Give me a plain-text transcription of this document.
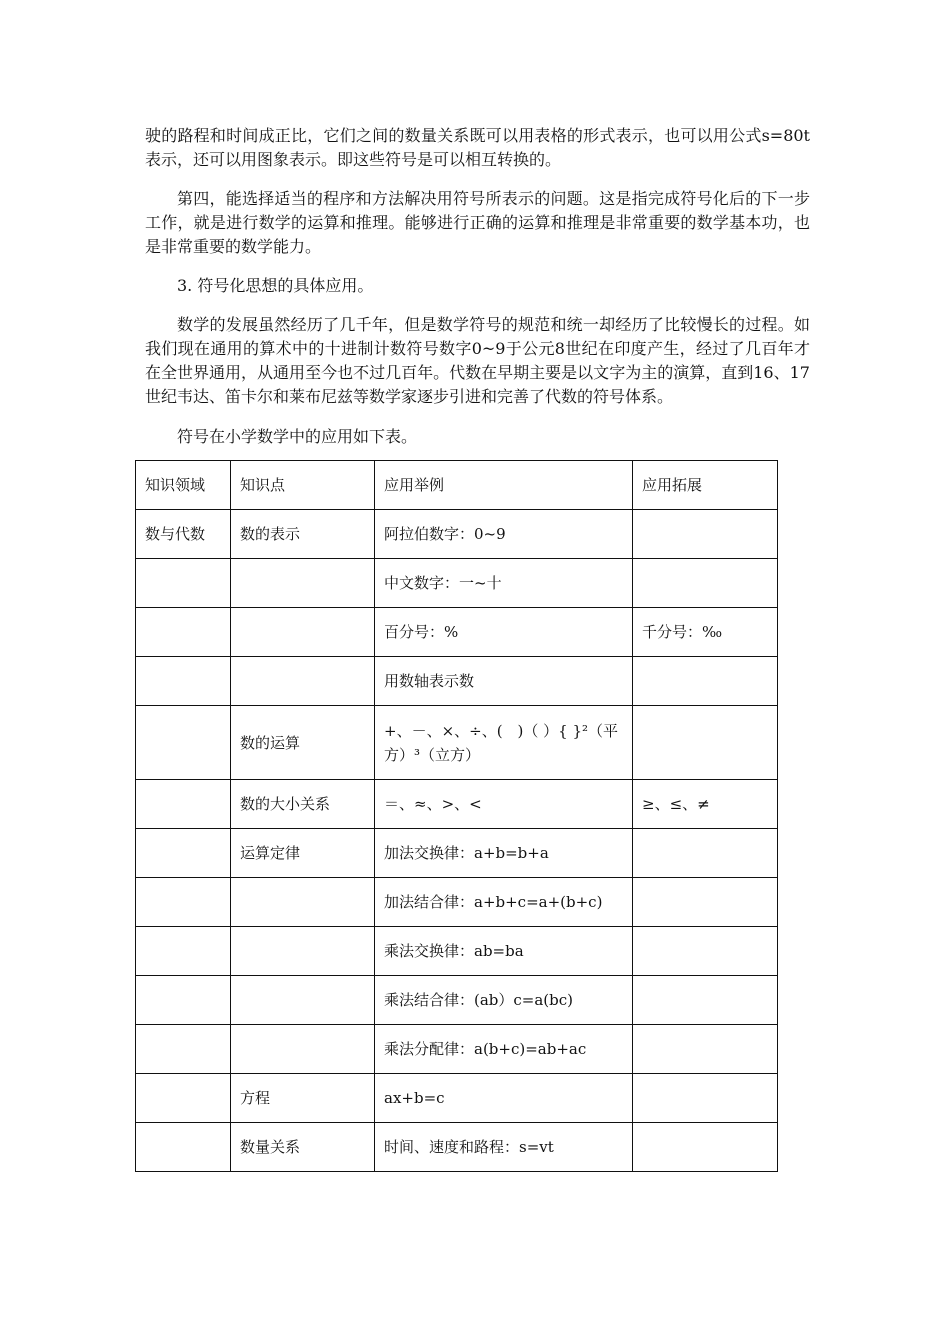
驶的路程和时间成正比，它们之间的数量关系既可以用表格的形式表示，也可以用公式s=80t表示，还可以用图象表示。即这些符号是可以相互转换的。

第四，能选择适当的程序和方法解决用符号所表示的问题。这是指完成符号化后的下一步工作，就是进行数学的运算和推理。能够进行正确的运算和推理是非常重要的数学基本功，也是非常重要的数学能力。

3. 符号化思想的具体应用。

数学的发展虽然经历了几千年，但是数学符号的规范和统一却经历了比较慢长的过程。如我们现在通用的算术中的十进制计数符号数字0~9于公元8世纪在印度产生，经过了几百年才在全世界通用，从通用至今也不过几百年。代数在早期主要是以文字为主的演算，直到16、17世纪韦达、笛卡尔和莱布尼兹等数学家逐步引进和完善了代数的符号体系。

符号在小学数学中的应用如下表。

知识领域	知识点	应用举例	应用拓展
数与代数	数的表示	阿拉伯数字：0~9	
		中文数字：一~十	
		百分号：%	千分号：‰
		用数轴表示数	
	数的运算	+、－、×、÷、(　)（ ）{ }²（平方）³（立方）	
	数的大小关系	＝、≈、>、<	≥、≤、≠
	运算定律	加法交换律：a+b=b+a	
		加法结合律：a+b+c=a+(b+c)	
		乘法交换律：ab=ba	
		乘法结合律：(ab）c=a(bc)	
		乘法分配律：a(b+c)=ab+ac	
	方程	ax+b=c	
	数量关系	时间、速度和路程：s=vt	
